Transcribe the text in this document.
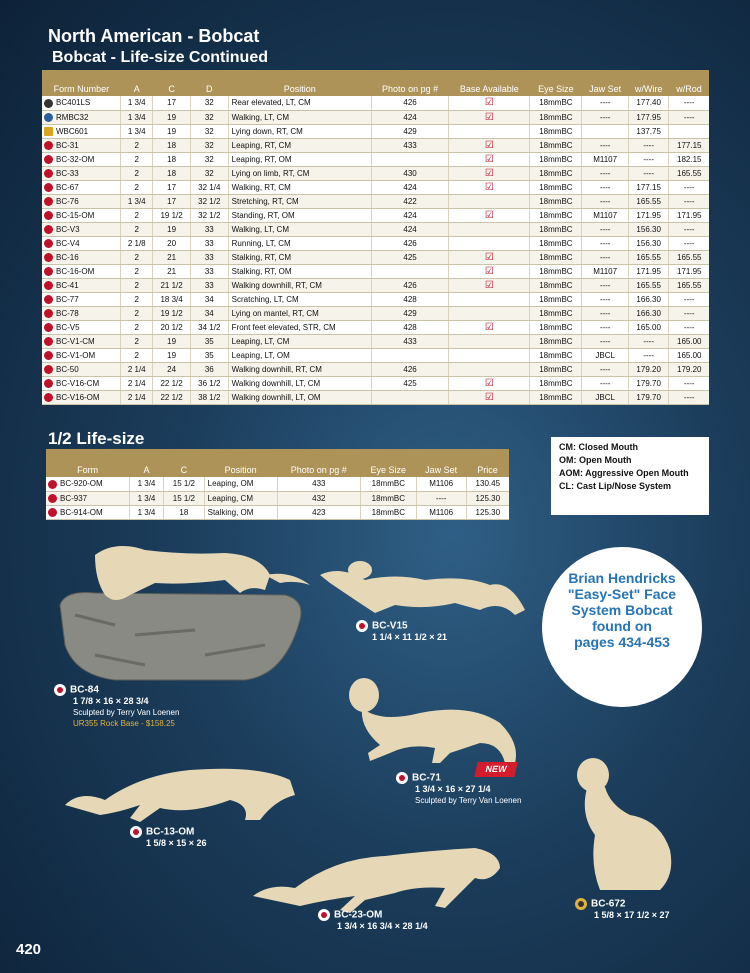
North American - Bobcat
Bobcat - Life-size Continued
Form Number	A	C	D	Position	Photo on pg #	Base Available	Eye Size	Jaw Set	w/Wire	w/Rod
BC401LS	1 3/4	17	32	Rear elevated, LT, CM	426	☑	18mmBC	----	177.40	----
RMBC32	1 3/4	19	32	Walking, LT, CM	424	☑	18mmBC	----	177.95	----
WBC601	1 3/4	19	32	Lying down, RT, CM	429		18mmBC		137.75	
BC-31	2	18	32	Leaping, RT, CM	433	☑	18mmBC	----	----	177.15
BC-32-OM	2	18	32	Leaping, RT, OM		☑	18mmBC	M1107	----	182.15
BC-33	2	18	32	Lying on limb, RT, CM	430	☑	18mmBC	----	----	165.55
BC-67	2	17	32 1/4	Walking, RT, CM	424	☑	18mmBC	----	177.15	----
BC-76	1 3/4	17	32 1/2	Stretching, RT, CM	422		18mmBC	----	165.55	----
BC-15-OM	2	19 1/2	32 1/2	Standing, RT, OM	424	☑	18mmBC	M1107	171.95	171.95
BC-V3	2	19	33	Walking, LT, CM	424		18mmBC	----	156.30	----
BC-V4	2 1/8	20	33	Running, LT, CM	426		18mmBC	----	156.30	----
BC-16	2	21	33	Stalking, RT, CM	425	☑	18mmBC	----	165.55	165.55
BC-16-OM	2	21	33	Stalking, RT, OM		☑	18mmBC	M1107	171.95	171.95
BC-41	2	21 1/2	33	Walking downhill, RT, CM	426	☑	18mmBC	----	165.55	165.55
BC-77	2	18 3/4	34	Scratching, LT, CM	428		18mmBC	----	166.30	----
BC-78	2	19 1/2	34	Lying on mantel, RT, CM	429		18mmBC	----	166.30	----
BC-V5	2	20 1/2	34 1/2	Front feet elevated, STR, CM	428	☑	18mmBC	----	165.00	----
BC-V1-CM	2	19	35	Leaping, LT, CM	433		18mmBC	----	----	165.00
BC-V1-OM	2	19	35	Leaping, LT, OM			18mmBC	JBCL	----	165.00
BC-50	2 1/4	24	36	Walking downhill, RT, CM	426		18mmBC	----	179.20	179.20
BC-V16-CM	2 1/4	22 1/2	36 1/2	Walking downhill, LT, CM	425	☑	18mmBC	----	179.70	----
BC-V16-OM	2 1/4	22 1/2	38 1/2	Walking downhill, LT, OM		☑	18mmBC	JBCL	179.70	----
1/2 Life-size
Form	A	C	Position	Photo on pg #	Eye Size	Jaw Set	Price
BC-920-OM	1 3/4	15 1/2	Leaping, OM	433	18mmBC	M1106	130.45
BC-937	1 3/4	15 1/2	Leaping, CM	432	18mmBC	----	125.30
BC-914-OM	1 3/4	18	Stalking, OM	423	18mmBC	M1106	125.30
CM: Closed Mouth
OM: Open Mouth
AOM: Aggressive Open Mouth
CL: Cast Lip/Nose System
Brian Hendricks
"Easy-Set" Face
System Bobcat
found on
pages 434-453
BC-84
1 7/8 × 16 × 28 3/4
Sculpted by Terry Van Loenen
UR355 Rock Base - $158.25
BC-V15
1 1/4 × 11 1/2 × 21
NEW
BC-71
1 3/4 × 16 × 27 1/4
Sculpted by Terry Van Loenen
BC-13-OM
1 5/8 × 15 × 26
BC-23-OM
1 3/4 × 16 3/4 × 28 1/4
BC-672
1 5/8 × 17 1/2 × 27
420
